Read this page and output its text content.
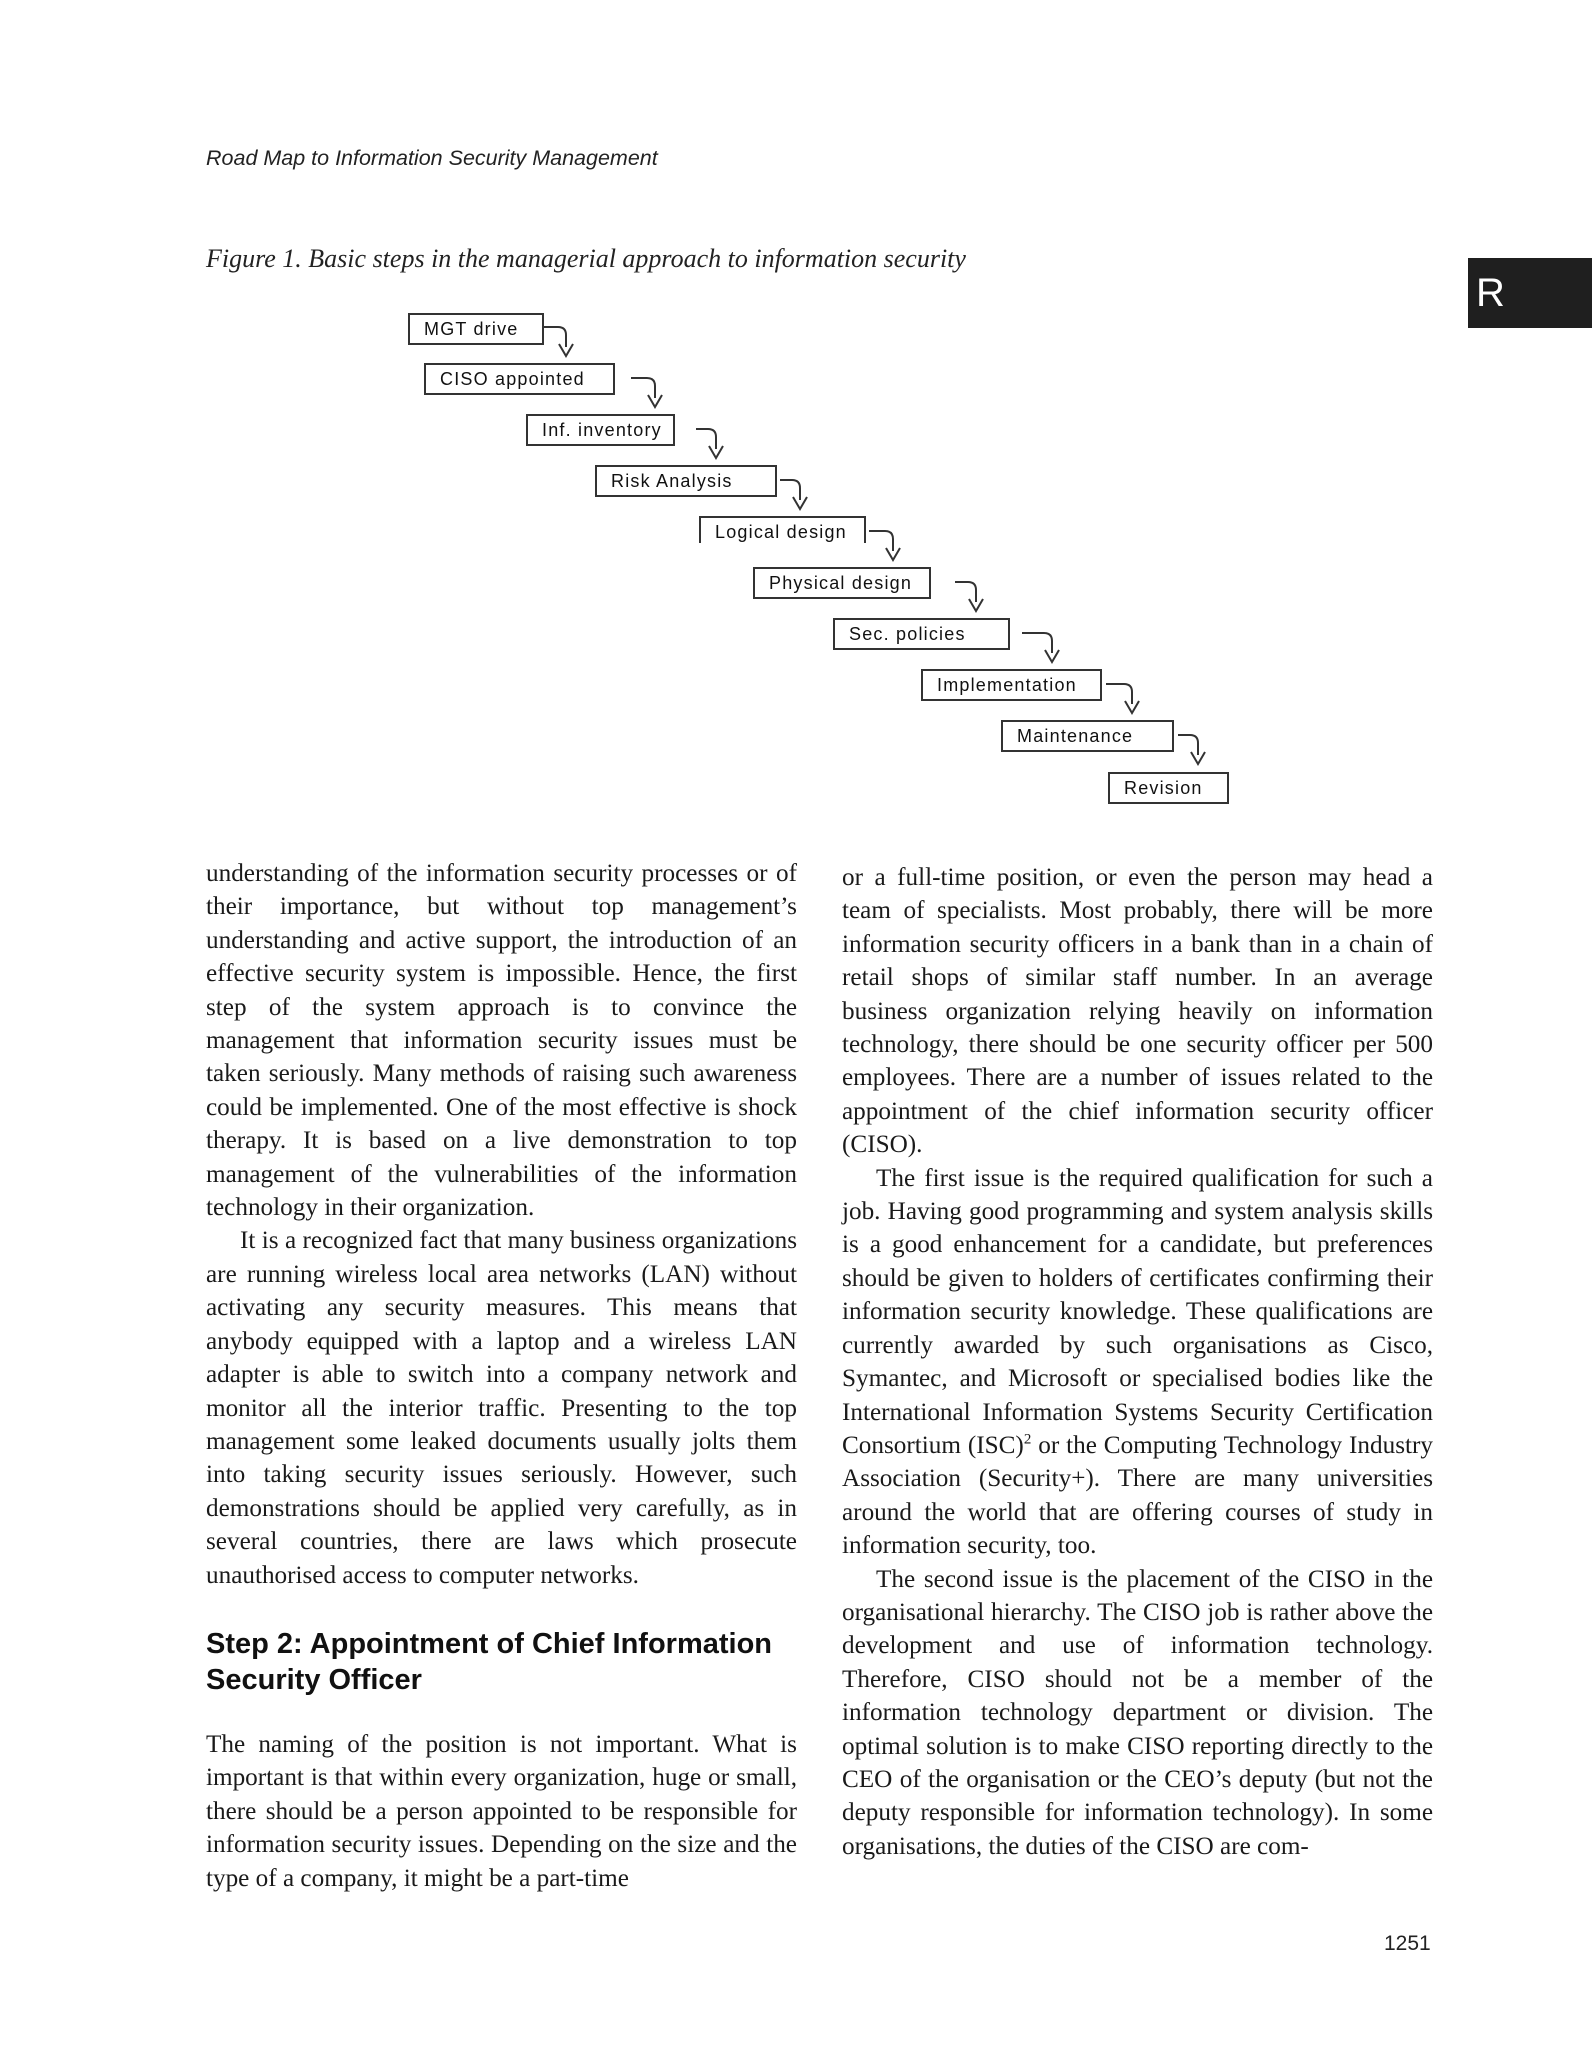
Road Map to Information Security Management
Figure 1. Basic steps in the managerial approach to information security
R
MGT drive
CISO appointed
Inf. inventory
Risk Analysis
Logical design
Physical design
Sec. policies
Implementation
Maintenance
Revision

understanding of the information security processes or of their importance, but without top management’s understanding and active support, the introduction of an effective security system is impossible. Hence, the first step of the system approach is to convince the management that information security issues must be taken seriously. Many methods of raising such awareness could be implemented. One of the most effective is shock therapy. It is based on a live demonstration to top management of the vulnerabilities of the information technology in their organization.

It is a recognized fact that many business organizations are running wireless local area networks (LAN) without activating any security measures. This means that anybody equipped with a laptop and a wireless LAN adapter is able to switch into a company network and monitor all the interior traffic. Presenting to the top management some leaked documents usually jolts them into taking security issues seriously. However, such demonstrations should be applied very carefully, as in several countries, there are laws which prosecute unauthorised access to computer networks.

Step 2: Appointment of Chief Information Security Officer

The naming of the position is not important. What is important is that within every organization, huge or small, there should be a person appointed to be responsible for information security issues. Depending on the size and the type of a company, it might be a part-time

or a full-time position, or even the person may head a team of specialists. Most probably, there will be more information security officers in a bank than in a chain of retail shops of similar staff number. In an average business organization relying heavily on information technology, there should be one security officer per 500 employees. There are a number of issues related to the appointment of the chief information security officer (CISO).

The first issue is the required qualification for such a job. Having good programming and system analysis skills is a good enhancement for a candidate, but preferences should be given to holders of certificates confirming their information security knowledge. These qualifications are currently awarded by such organisations as Cisco, Symantec, and Microsoft or specialised bodies like the International Information Systems Security Certification Consortium (ISC)$^2$ or the Computing Technology Industry Association (Security+). There are many universities around the world that are offering courses of study in information security, too.

The second issue is the placement of the CISO in the organisational hierarchy. The CISO job is rather above the development and use of information technology. Therefore, CISO should not be a member of the information technology department or division. The optimal solution is to make CISO reporting directly to the CEO of the organisation or the CEO’s deputy (but not the deputy responsible for information technology). In some organisations, the duties of the CISO are com-

1251
